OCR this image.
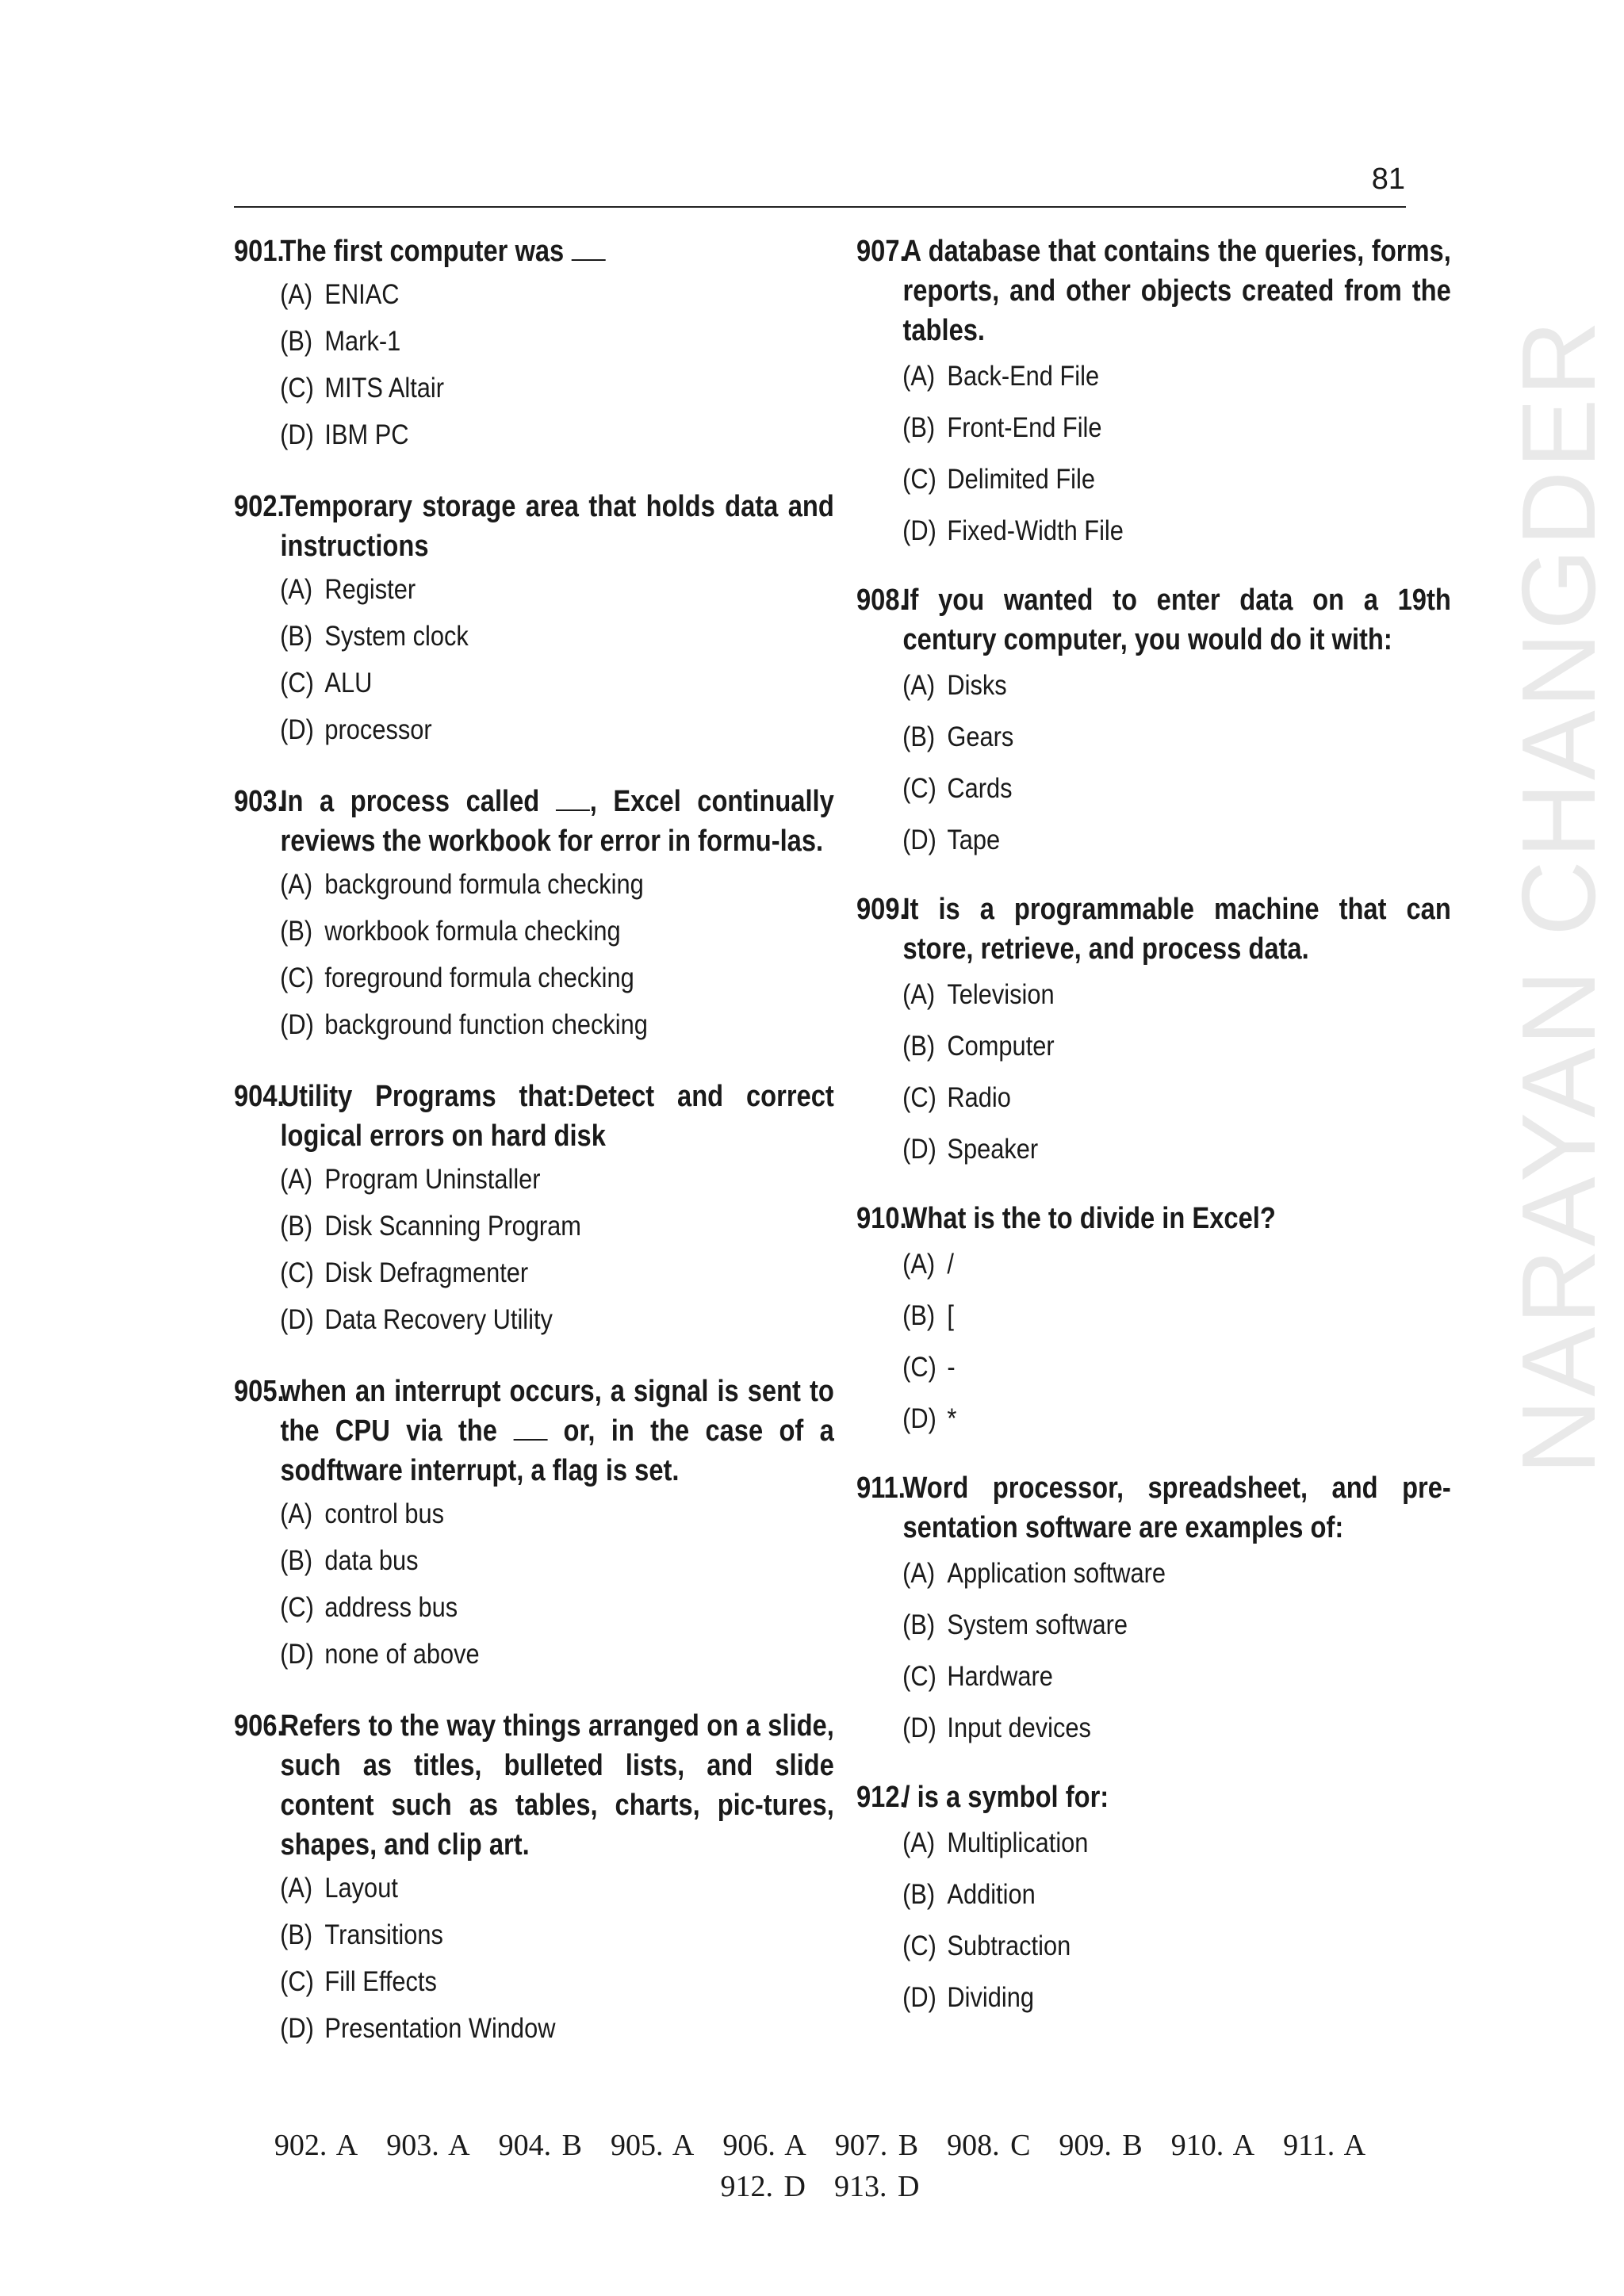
81
901.
The first computer was
(A) ENIAC
(B) Mark-1
(C) MITS Altair
(D) IBM PC
902.
Temporary storage area that holds data and instructions
(A) Register
(B) System clock
(C) ALU
(D) processor
903.
In a process called , Excel continually reviews the workbook for error in formu-las.
(A) background formula checking
(B) workbook formula checking
(C) foreground formula checking
(D) background function checking
904.
Utility Programs that:Detect and correct logical errors on hard disk
(A) Program Uninstaller
(B) Disk Scanning Program
(C) Disk Defragmenter
(D) Data Recovery Utility
905.
when an interrupt occurs, a signal is sent to the CPU via the  or, in the case of a sodftware interrupt, a flag is set.
(A) control bus
(B) data bus
(C) address bus
(D) none of above
906.
Refers to the way things arranged on a slide, such as titles, bulleted lists, and slide content such as tables, charts, pic-tures, shapes, and clip art.
(A) Layout
(B) Transitions
(C) Fill Effects
(D) Presentation Window
907.
A database that contains the queries, forms, reports, and other objects created from the tables.
(A) Back-End File
(B) Front-End File
(C) Delimited File
(D) Fixed-Width File
908.
If you wanted to enter data on a 19th century computer, you would do it with:
(A) Disks
(B) Gears
(C) Cards
(D) Tape
909.
It is a programmable machine that can store, retrieve, and process data.
(A) Television
(B) Computer
(C) Radio
(D) Speaker
910.
What is the to divide in Excel?
(A) /
(B) [
(C) -
(D) *
911.
Word processor, spreadsheet, and pre-sentation software are examples of:
(A) Application software
(B) System software
(C) Hardware
(D) Input devices
912.
/ is a symbol for:
(A) Multiplication
(B) Addition
(C) Subtraction
(D) Dividing
NARAYAN CHANGDER
902. A 903. A 904. B 905. A 906. A 907. B 908. C 909. B 910. A 911. A912. D 913. D
